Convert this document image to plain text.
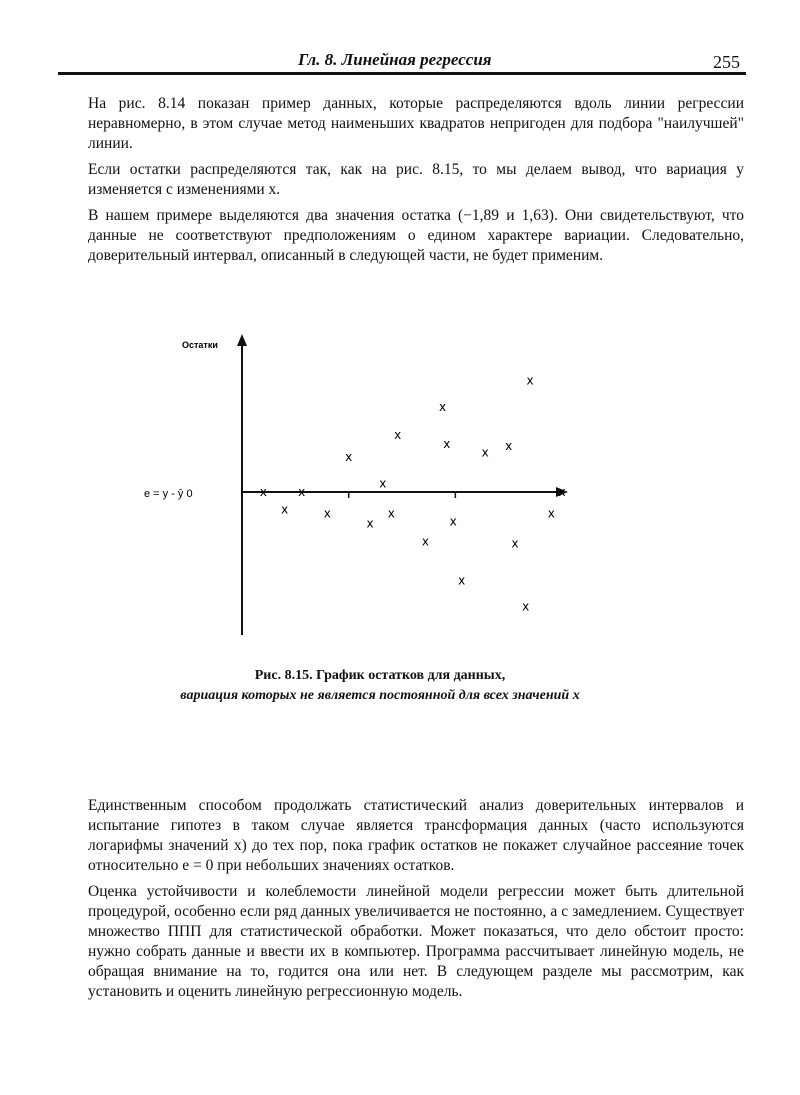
Гл. 8. Линейная регрессия	255

На рис. 8.14 показан пример данных, которые распределяются вдоль линии регрессии неравномерно, в этом случае метод наименьших квадратов непригоден для подбора "наилучшей" линии.

Если остатки распределяются так, как на рис. 8.15, то мы делаем вывод, что вариация y изменяется с изменениями x.

В нашем примере выделяются два значения остатка (−1,89 и 1,63). Они свидетельствуют, что данные не соответствуют предположениям о едином характере вариации. Следовательно, доверительный интервал, описанный в следующей части, не будет применим.

Остатки
e = y - ŷ 0	x
x
x
x
x
x
x
x
x
x
x
x
x
x
x x
x
x
x
x
x
Рис. 8.15. График остатков для данных,
вариация которых не является постоянной для всех значений x

Единственным способом продолжать статистический анализ доверительных интервалов и испытание гипотез в таком случае является трансформация данных (часто используются логарифмы значений x) до тех пор, пока график остатков не покажет случайное рассеяние точек относительно e = 0 при небольших значениях остатков.

Оценка устойчивости и колеблемости линейной модели регрессии может быть длительной процедурой, особенно если ряд данных увеличивается не постоянно, а с замедлением. Существует множество ППП для статистической обработки. Может показаться, что дело обстоит просто: нужно собрать данные и ввести их в компьютер. Программа рассчитывает линейную модель, не обращая внимание на то, годится она или нет. В следующем разделе мы рассмотрим, как установить и оценить линейную регрессионную модель.
